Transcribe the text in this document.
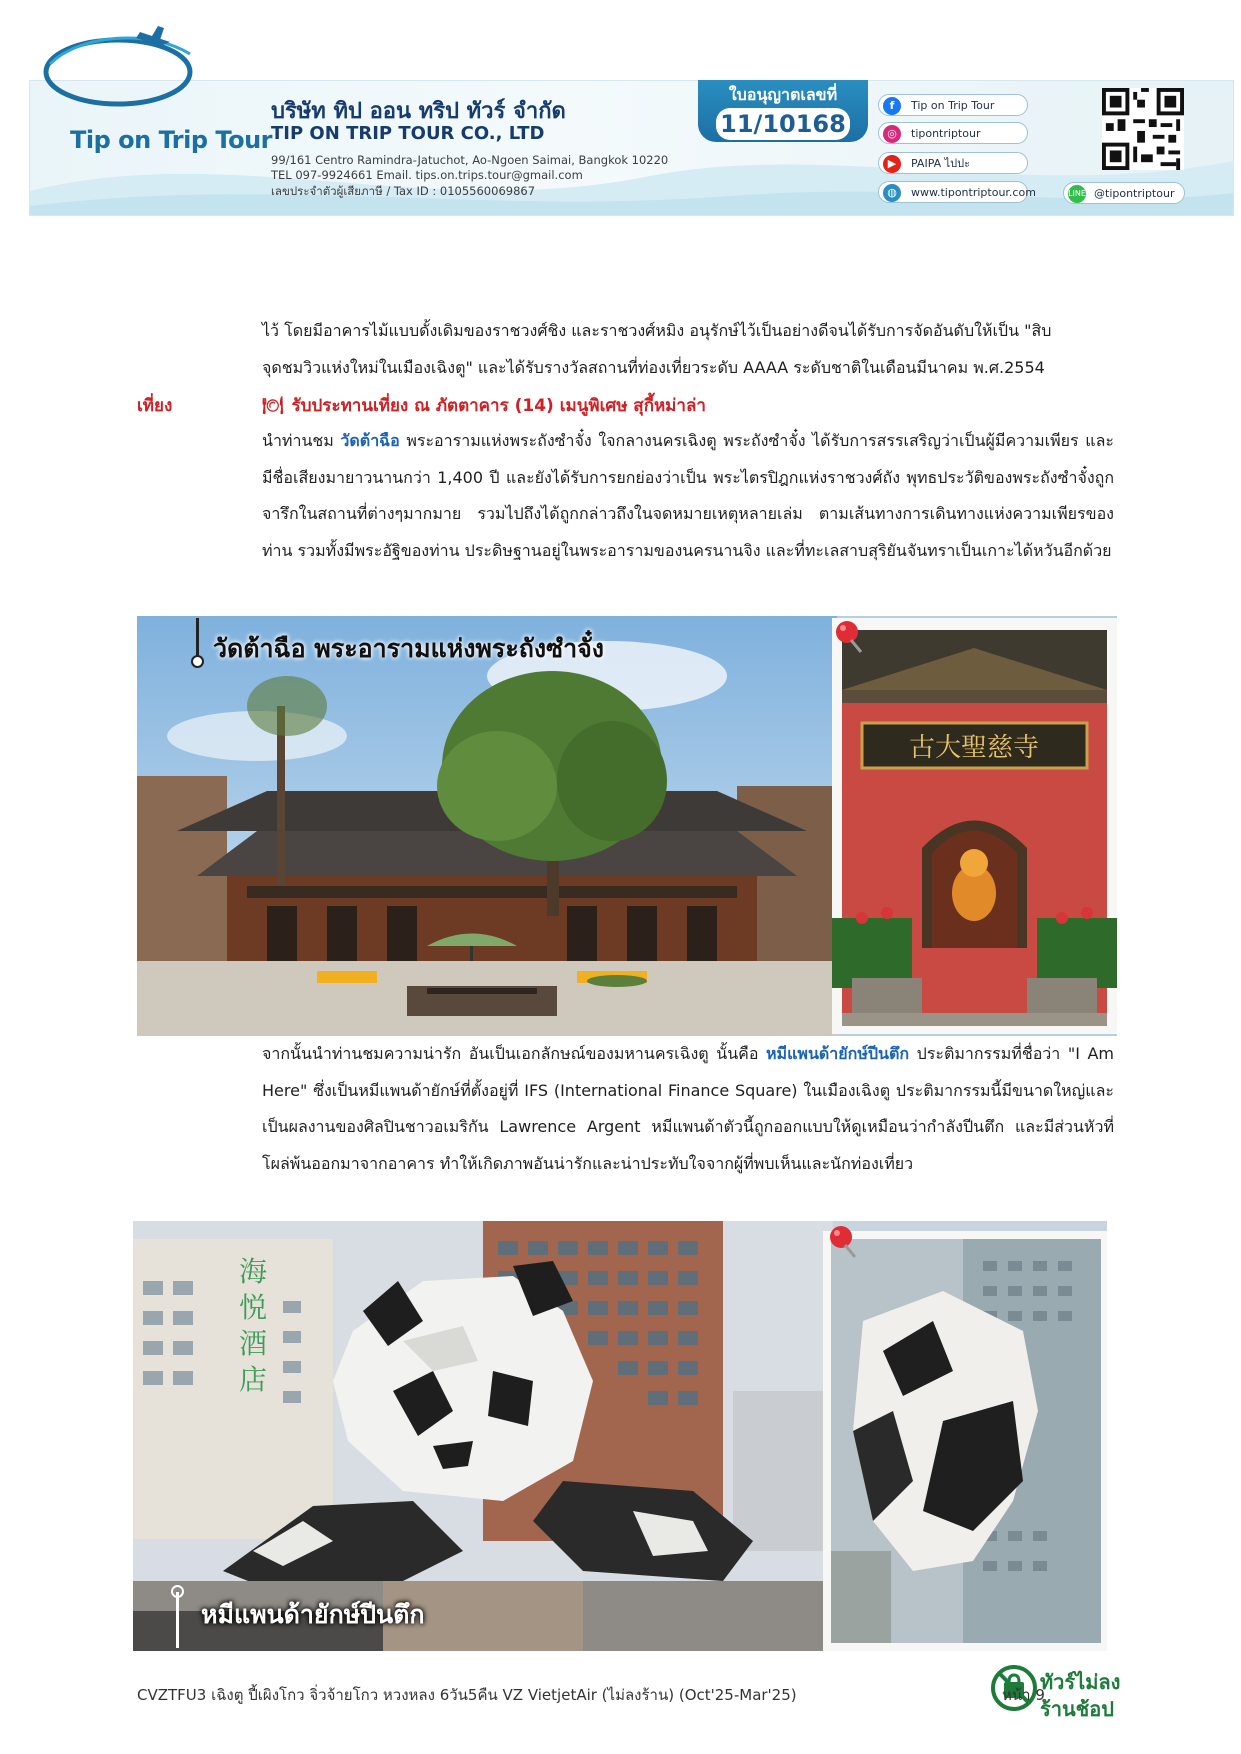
Tip on Trip Tour
บริษัท ทิป ออน ทริป ทัวร์ จำกัด
TIP ON TRIP TOUR CO., LTD
99/161 Centro Ramindra-Jatuchot, Ao-Ngoen Saimai, Bangkok 10220
TEL 097-9924661 Email. tips.on.trips.tour@gmail.com
เลขประจำตัวผู้เสียภาษี / Tax ID : 0105560069867
ใบอนุญาตเลขที่
11/10168
f	Tip on Trip Tour
◎	tipontriptour
▶	PAIPA ไปปะ
◍	www.tipontriptour.com	LINE @tipontriptour

ไว้ โดยมีอาคารไม้แบบดั้งเดิมของราชวงศ์ชิง และราชวงศ์หมิง อนุรักษ์ไว้เป็นอย่างดีจนได้รับการจัดอันดับให้เป็น "สิบ

จุดชมวิวแห่งใหม่ในเมืองเฉิงตู" และได้รับรางวัลสถานที่ท่องเที่ยวระดับ AAAA ระดับชาติในเดือนมีนาคม พ.ศ.2554

เที่ยง	🍽 รับประทานเที่ยง ณ ภัตตาคาร (14) เมนูพิเศษ สุกี้หม่าล่า

นำท่านชม วัดต้าฉือ พระอารามแห่งพระถังซำจั๋ง ใจกลางนครเฉิงตู พระถังซำจั๋ง ได้รับการสรรเสริญว่าเป็นผู้มีความเพียร และมีชื่อเสียงมายาวนานกว่า 1,400 ปี และยังได้รับการยกย่องว่าเป็น พระไตรปิฎกแห่งราชวงศ์ถัง พุทธประวัติของพระถังซำจั๋งถูกจารึกในสถานที่ต่างๆมากมาย รวมไปถึงได้ถูกกล่าวถึงในจดหมายเหตุหลายเล่ม ตามเส้นทางการเดินทางแห่งความเพียรของท่าน รวมทั้งมีพระอัฐิของท่าน ประดิษฐานอยู่ในพระอารามของนครนานจิง และที่ทะเลสาบสุริยันจันทราเป็นเกาะได้หวันอีกด้วย

古大聖慈寺
วัดต้าฉือ พระอารามแห่งพระถังซำจั๋ง

จากนั้นนำท่านชมความน่ารัก อันเป็นเอกลักษณ์ของมหานครเฉิงตู นั้นคือ หมีแพนด้ายักษ์ปีนตึก ประติมากรรมที่ชื่อว่า "I Am Here" ซึ่งเป็นหมีแพนด้ายักษ์ที่ตั้งอยู่ที่ IFS (International Finance Square) ในเมืองเฉิงตู ประติมากรรมนี้มีขนาดใหญ่และเป็นผลงานของศิลปินชาวอเมริกัน Lawrence Argent หมีแพนด้าตัวนี้ถูกออกแบบให้ดูเหมือนว่ากำลังปีนตึก และมีส่วนหัวที่โผล่พ้นออกมาจากอาคาร ทำให้เกิดภาพอันน่ารักและน่าประทับใจจากผู้ที่พบเห็นและนักท่องเที่ยว

海悦酒店
หมีแพนด้ายักษ์ปีนตึก
CVZTFU3 เฉิงตู ปี้เผิงโกว จิ่วจ้ายโกว หวงหลง 6วัน5คืน VZ VietjetAir (ไม่ลงร้าน) (Oct'25-Mar'25)	หน้า 9
ทัวร์ไม่ลง
ร้านช้อป
